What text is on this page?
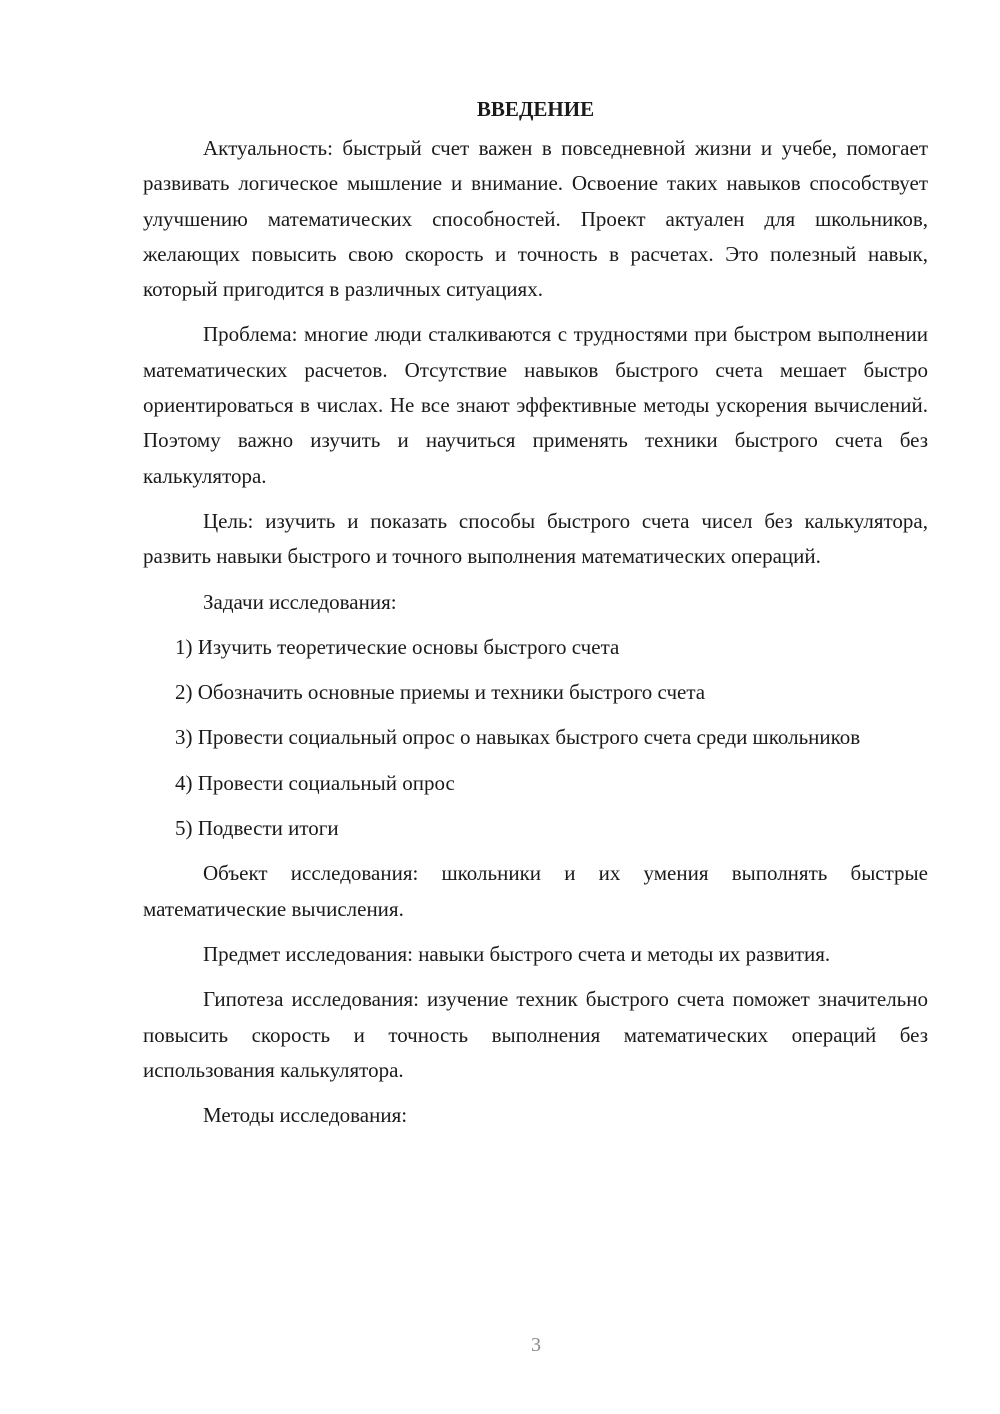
ВВЕДЕНИЕ

Актуальность: быстрый счет важен в повседневной жизни и учебе, помогает развивать логическое мышление и внимание. Освоение таких навыков способствует улучшению математических способностей. Проект актуален для школьников, желающих повысить свою скорость и точность в расчетах. Это полезный навык, который пригодится в различных ситуациях.

Проблема: многие люди сталкиваются с трудностями при быстром выполнении математических расчетов. Отсутствие навыков быстрого счета мешает быстро ориентироваться в числах. Не все знают эффективные методы ускорения вычислений. Поэтому важно изучить и научиться применять техники быстрого счета без калькулятора.

Цель: изучить и показать способы быстрого счета чисел без калькулятора, развить навыки быстрого и точного выполнения математических операций.

Задачи исследования:

1) Изучить теоретические основы быстрого счета

2) Обозначить основные приемы и техники быстрого счета

3) Провести социальный опрос о навыках быстрого счета среди школьников

4) Провести социальный опрос

5) Подвести итоги

Объект исследования: школьники и их умения выполнять быстрые математические вычисления.

Предмет исследования: навыки быстрого счета и методы их развития.

Гипотеза исследования: изучение техник быстрого счета поможет значительно повысить скорость и точность выполнения математических операций без использования калькулятора.

Методы исследования:

3
